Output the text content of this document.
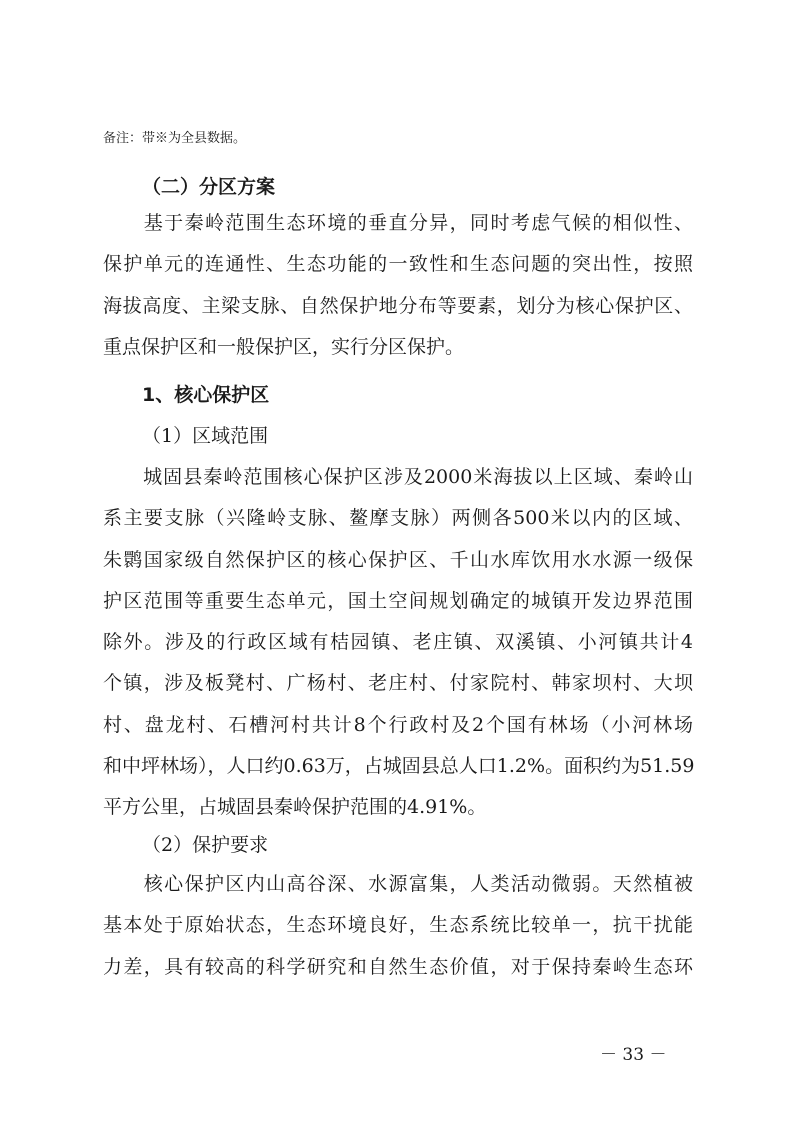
备注：带※为全县数据。
（二）分区方案
　　基于秦岭范围生态环境的垂直分异，同时考虑气候的相似性、
保护单元的连通性、生态功能的一致性和生态问题的突出性，按照
海拔高度、主梁支脉、自然保护地分布等要素，划分为核心保护区、
重点保护区和一般保护区，实行分区保护。
1、核心保护区
（1）区域范围
　　城固县秦岭范围核心保护区涉及2000米海拔以上区域、秦岭山
系主要支脉（兴隆岭支脉、鳌摩支脉）两侧各500米以内的区域、
朱鹮国家级自然保护区的核心保护区、千山水库饮用水水源一级保
护区范围等重要生态单元，国土空间规划确定的城镇开发边界范围
除外。涉及的行政区域有桔园镇、老庄镇、双溪镇、小河镇共计4
个镇，涉及板凳村、广杨村、老庄村、付家院村、韩家坝村、大坝
村、盘龙村、石槽河村共计8个行政村及2个国有林场（小河林场
和中坪林场），人口约0.63万，占城固县总人口1.2%。面积约为51.59
平方公里，占城固县秦岭保护范围的4.91%。
（2）保护要求
　　核心保护区内山高谷深、水源富集，人类活动微弱。天然植被
基本处于原始状态，生态环境良好，生态系统比较单一，抗干扰能
力差，具有较高的科学研究和自然生态价值，对于保持秦岭生态环
－ 33 －
